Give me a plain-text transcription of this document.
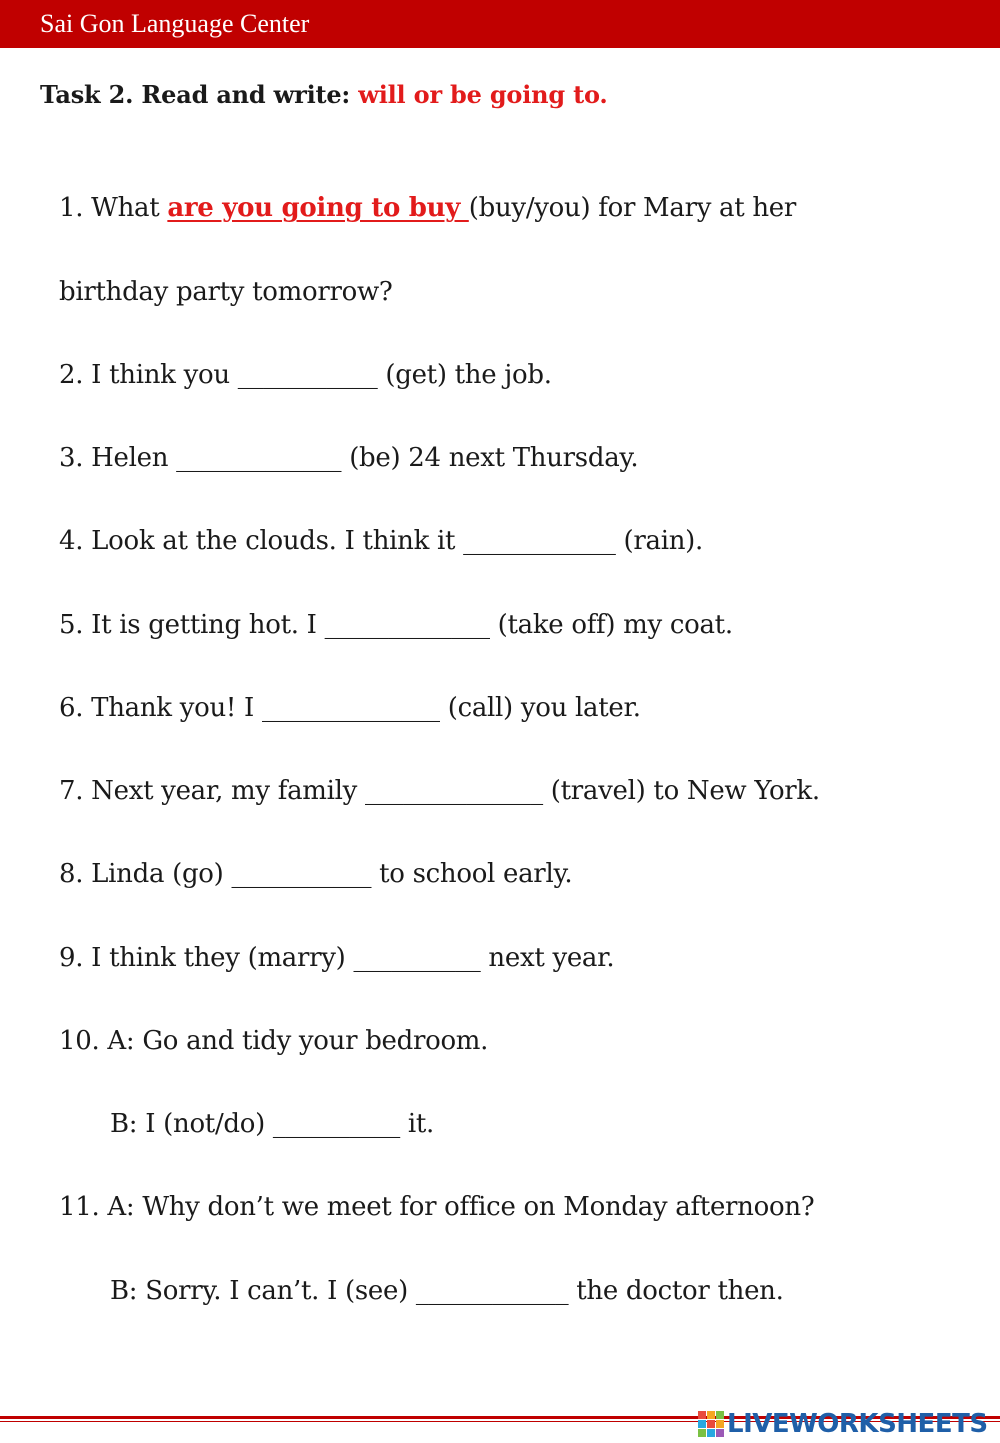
Sai Gon Language Center
Task 2. Read and write: will or be going to.
1. What are you going to buy (buy/you) for Mary at her
birthday party tomorrow?
2. I think you ___________ (get) the job.
3. Helen _____________ (be) 24 next Thursday.
4. Look at the clouds. I think it ____________ (rain).
5. It is getting hot. I _____________ (take off) my coat.
6. Thank you! I ______________ (call) you later.
7. Next year, my family ______________ (travel) to New York.
8. Linda (go) ___________ to school early.
9. I think they (marry) __________ next year.
10. A: Go and tidy your bedroom.
B: I (not/do) __________ it.
11. A: Why don’t we meet for office on Monday afternoon?
B: Sorry. I can’t. I (see) ____________ the doctor then.
LIVEWORKSHEETS
